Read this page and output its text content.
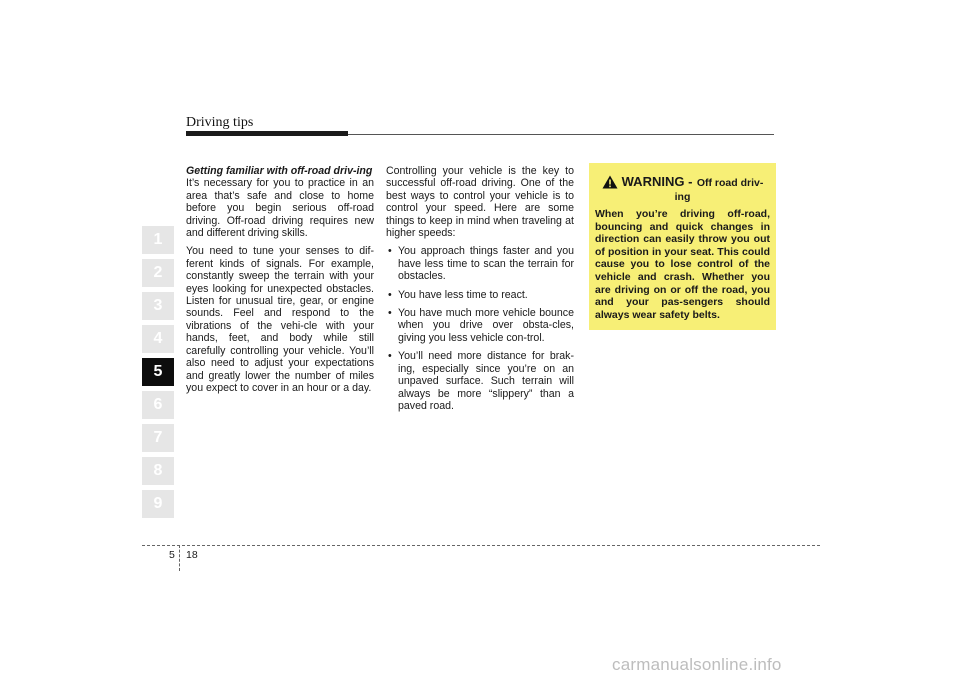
Driving tips
1
2
3
4
5
6
7
8
9

Getting familiar with off-road driv-ing

It’s necessary for you to practice in an area that’s safe and close to home before you begin serious off-road driving. Off-road driving requires new and different driving skills.

You need to tune your senses to dif-ferent kinds of signals. For example, constantly sweep the terrain with your eyes looking for unexpected obstacles. Listen for unusual tire, gear, or engine sounds. Feel and respond to the vibrations of the vehi-cle with your hands, feet, and body while still carefully controlling your vehicle. You’ll also need to adjust your expectations and greatly lower the number of miles you expect to cover in an hour or a day.

Controlling your vehicle is the key to successful off-road driving. One of the best ways to control your vehicle is to control your speed. Here are some things to keep in mind when traveling at higher speeds:

• You approach things faster and you have less time to scan the terrain for obstacles.
• You have less time to react.
• You have much more vehicle bounce when you drive over obsta-cles, giving you less vehicle con-trol.
• You’ll need more distance for brak-ing, especially since you’re on an unpaved surface. Such terrain will always be more “slippery” than a paved road.
WARNING - Off road driv-
ing
When you’re driving off-road, bouncing and quick changes in direction can easily throw you out of position in your seat. This could cause you to lose control of the vehicle and crash. Whether you are driving on or off the road, you and your pas-sengers should always wear safety belts.
5 18
carmanualsonline.info
